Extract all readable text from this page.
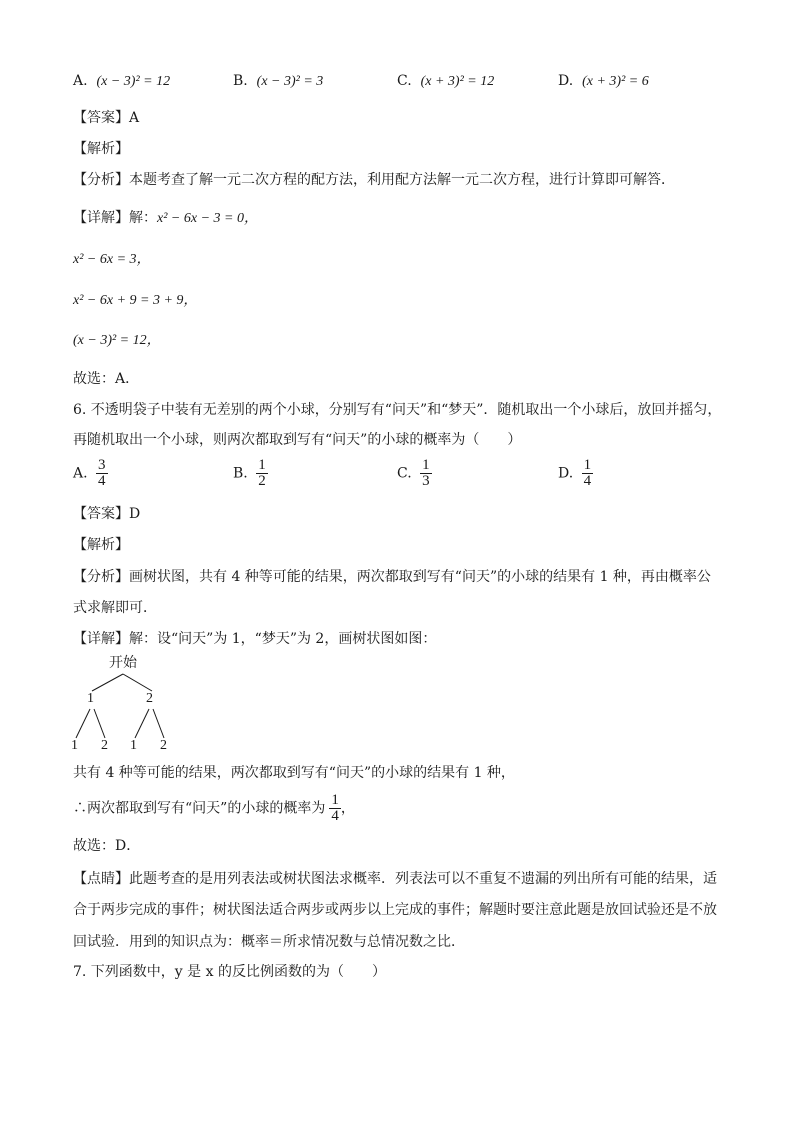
A. (x − 3)² = 12	B. (x − 3)² = 3	C. (x + 3)² = 12	D. (x + 3)² = 6
【答案】A
【解析】
【分析】本题考查了解一元二次方程的配方法，利用配方法解一元二次方程，进行计算即可解答．
【详解】解：x² − 6x − 3 = 0，
x² − 6x = 3，
x² − 6x + 9 = 3 + 9，
(x − 3)² = 12，
故选：A．
6. 不透明袋子中装有无差别的两个小球，分别写有“问天”和“梦天”．随机取出一个小球后，放回并摇匀，
再随机取出一个小球，则两次都取到写有“问天”的小球的概率为（　　）
A. $\frac{3}{4}$	B. $\frac{1}{2}$	C. $\frac{1}{3}$	D. $\frac{1}{4}$
【答案】D
【解析】
【分析】画树状图，共有 4 种等可能的结果，两次都取到写有“问天”的小球的结果有 1 种，再由概率公
式求解即可．
【详解】解：设“问天”为 1，“梦天”为 2，画树状图如图：
开始
1	2
1 2 1 2
共有 4 种等可能的结果，两次都取到写有“问天”的小球的结果有 1 种，
∴两次都取到写有“问天”的小球的概率为 $\frac{1}{4}$ ，
故选：D．
【点睛】此题考查的是用列表法或树状图法求概率．列表法可以不重复不遗漏的列出所有可能的结果，适
合于两步完成的事件；树状图法适合两步或两步以上完成的事件；解题时要注意此题是放回试验还是不放
回试验．用到的知识点为：概率＝所求情况数与总情况数之比．
7. 下列函数中，y 是 x 的反比例函数的为（　　）
